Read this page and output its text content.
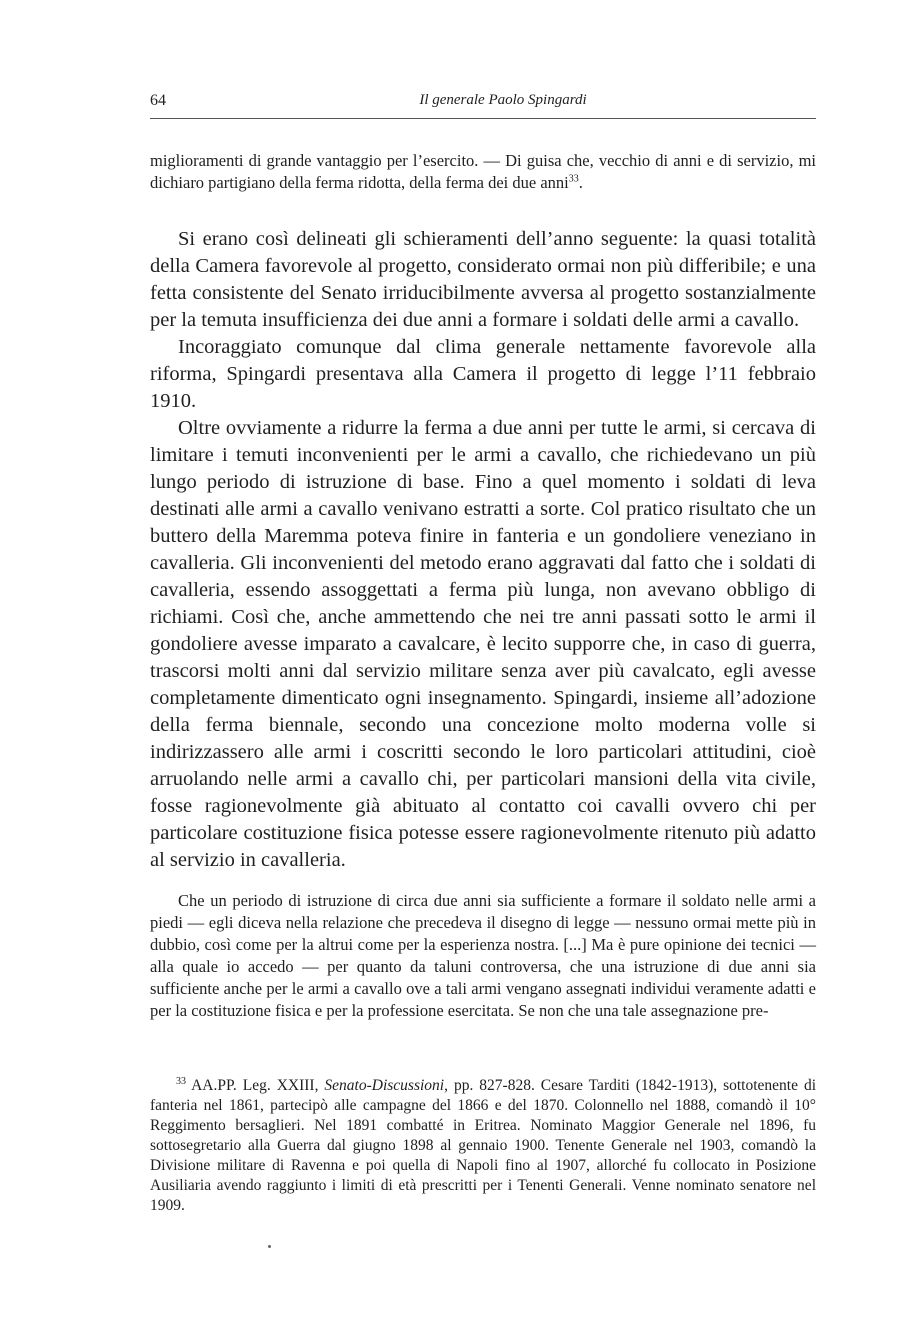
64	Il generale Paolo Spingardi

miglioramenti di grande vantaggio per l’esercito. — Di guisa che, vecchio di anni e di servizio, mi dichiaro partigiano della ferma ridotta, della ferma dei due anni$^{33}$.

Si erano così delineati gli schieramenti dell’anno seguente: la quasi totalità della Camera favorevole al progetto, considerato ormai non più differibile; e una fetta consistente del Senato irriducibilmente avversa al progetto sostanzialmente per la temuta insufficienza dei due anni a formare i soldati delle armi a cavallo.

Incoraggiato comunque dal clima generale nettamente favorevole alla riforma, Spingardi presentava alla Camera il progetto di legge l’11 febbraio 1910.

Oltre ovviamente a ridurre la ferma a due anni per tutte le armi, si cercava di limitare i temuti inconvenienti per le armi a cavallo, che richiedevano un più lungo periodo di istruzione di base. Fino a quel momento i soldati di leva destinati alle armi a cavallo venivano estratti a sorte. Col pratico risultato che un buttero della Maremma poteva finire in fanteria e un gondoliere veneziano in cavalleria. Gli inconvenienti del metodo erano aggravati dal fatto che i soldati di cavalleria, essendo assoggettati a ferma più lunga, non avevano obbligo di richiami. Così che, anche ammettendo che nei tre anni passati sotto le armi il gondoliere avesse imparato a cavalcare, è lecito supporre che, in caso di guerra, trascorsi molti anni dal servizio militare senza aver più cavalcato, egli avesse completamente dimenticato ogni insegnamento. Spingardi, insieme all’adozione della ferma biennale, secondo una concezione molto moderna volle si indirizzassero alle armi i coscritti secondo le loro particolari attitudini, cioè arruolando nelle armi a cavallo chi, per particolari mansioni della vita civile, fosse ragionevolmente già abituato al contatto coi cavalli ovvero chi per particolare costituzione fisica potesse essere ragionevolmente ritenuto più adatto al servizio in cavalleria.

Che un periodo di istruzione di circa due anni sia sufficiente a formare il soldato nelle armi a piedi — egli diceva nella relazione che precedeva il disegno di legge — nessuno ormai mette più in dubbio, così come per la altrui come per la esperienza nostra. [...] Ma è pure opinione dei tecnici — alla quale io accedo — per quanto da taluni controversa, che una istruzione di due anni sia sufficiente anche per le armi a cavallo ove a tali armi vengano assegnati individui veramente adatti e per la costituzione fisica e per la professione esercitata. Se non che una tale assegnazione pre-

$^{33}$ AA.PP. Leg. XXIII, Senato-Discussioni, pp. 827-828. Cesare Tarditi (1842-1913), sottotenente di fanteria nel 1861, partecipò alle campagne del 1866 e del 1870. Colonnello nel 1888, comandò il 10° Reggimento bersaglieri. Nel 1891 combatté in Eritrea. Nominato Maggior Generale nel 1896, fu sottosegretario alla Guerra dal giugno 1898 al gennaio 1900. Tenente Generale nel 1903, comandò la Divisione militare di Ravenna e poi quella di Napoli fino al 1907, allorché fu collocato in Posizione Ausiliaria avendo raggiunto i limiti di età prescritti per i Tenenti Generali. Venne nominato senatore nel 1909.
